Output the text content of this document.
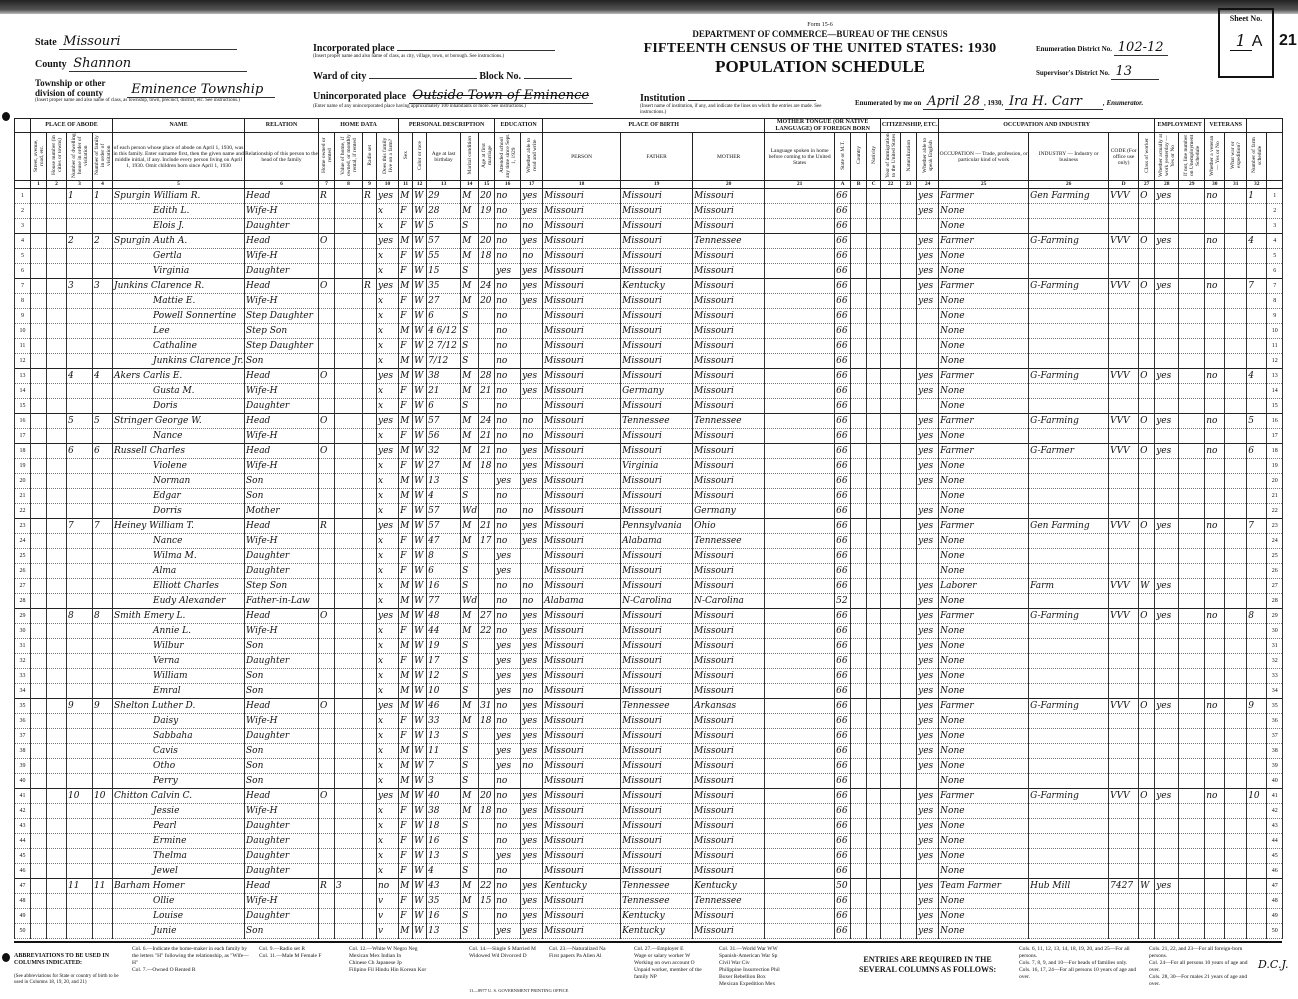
State Missouri
County Shannon
Township or other division of county Eminence Township
(Insert proper name and also name of class, as township, town, precinct, district, etc. See instructions.)
Incorporated place
(Insert proper name and also name of class, as city, village, town, or borough. See instructions.)
Ward of city	Block No.
Unincorporated place Outside Town of Eminence
(Enter name of any unincorporated place having approximately 100 inhabitants or more. See instructions.)
Institution
(Insert name of institution, if any, and indicate the lines on which the entries are made. See instructions.)
Form 15-6
DEPARTMENT OF COMMERCE—BUREAU OF THE CENSUS
FIFTEENTH CENSUS OF THE UNITED STATES: 1930
POPULATION SCHEDULE
Enumeration District No. 102-12
Supervisor's District No. 13
Sheet No.
1 A	21
Enumerated by me on April 28 , 1930, Ira H. Carr	, Enumerator.
	PLACE OF ABODE				NAME	RELATION	HOME DATA				PERSONAL DESCRIPTION					EDUCATION		PLACE OF BIRTH			MOTHER TONGUE (OR NATIVE LANGUAGE) OF FOREIGN BORN				CITIZENSHIP, ETC.			OCCUPATION AND INDUSTRY				EMPLOYMENT		VETERANS			
	Street, avenue, road, etc.	House number (in cities or towns)	Number of dwelling house in order of visitation	Number of family in order of visitation	of each person whose place of abode on April 1, 1930, was in this family. Enter surname first, then the given name and middle initial, if any. Include every person living on April 1, 1930. Omit children born since April 1, 1930	Relationship of this person to the head of the family	Home owned or rented	Value of home, if owned, or monthly rental, if rented	Radio set	Does this family live on a farm?	Sex	Color or race	Age at last birthday	Marital condition	Age at first marriage	Attended school any time since Sept. 1, 1929	Whether able to read and write	PERSON	FATHER	MOTHER	Language spoken in home before coming to the United States	State or M.T.	Country	Nativity	Year of immigration to the United States	Naturalization	Whether able to speak English	OCCUPATION — Trade, profession, or particular kind of work	INDUSTRY — Industry or business	CODE (For office use only)	Class of worker	Whether actually at work yesterday — Yes or No	If not, line number on Unemployment Schedule	Whether a veteran — Yes or No	What war or expedition?	Number of farm schedule	
	1	2	3	4	5	6	7	8	9	10	11	12	13	14	15	16	17	18	19	20	21	A	B	C	22	23	24	25	26	D	27	28	29	30	31	32	
1			1	1	Spurgin William R.	Head	R		R	yes	M	W	29	M	20	no	yes	Missouri	Missouri	Missouri		66					yes	Farmer	Gen Farming	VVV	O	yes		no		1	1
2					Edith L.	Wife-H				x	F	W	28	M	19	no	yes	Missouri	Missouri	Missouri		66					yes	None									2
3					Elois J.	Daughter				x	F	W	5	S		no	no	Missouri	Missouri	Missouri		66						None									3
4			2	2	Spurgin Auth A.	Head	O			yes	M	W	57	M	20	no	yes	Missouri	Missouri	Tennessee		66					yes	Farmer	G-Farming	VVV	O	yes		no		4	4
5					Gertla	Wife-H				x	F	W	55	M	18	no	no	Missouri	Missouri	Missouri		66					yes	None									5
6					Virginia	Daughter				x	F	W	15	S		yes	yes	Missouri	Missouri	Missouri		66					yes	None									6
7			3	3	Junkins Clarence R.	Head	O		R	yes	M	W	35	M	24	no	yes	Missouri	Kentucky	Missouri		66					yes	Farmer	G-Farming	VVV	O	yes		no		7	7
8					Mattie E.	Wife-H				x	F	W	27	M	20	no	yes	Missouri	Missouri	Missouri		66					yes	None									8
9					Powell Sonnertine	Step Daughter				x	F	W	6	S		no		Missouri	Missouri	Missouri		66						None									9
10					Lee	Step Son				x	M	W	4 6/12	S		no		Missouri	Missouri	Missouri		66						None									10
11					Cathaline	Step Daughter				x	F	W	2 7/12	S		no		Missouri	Missouri	Missouri		66						None									11
12					Junkins Clarence Jr.	Son				x	M	W	7/12	S		no		Missouri	Missouri	Missouri		66						None									12
13			4	4	Akers Carlis E.	Head	O			yes	M	W	38	M	28	no	yes	Missouri	Missouri	Missouri		66					yes	Farmer	G-Farming	VVV	O	yes		no		4	13
14					Gusta M.	Wife-H				x	F	W	21	M	21	no	yes	Missouri	Germany	Missouri		66					yes	None									14
15					Doris	Daughter				x	F	W	6	S		no		Missouri	Missouri	Missouri		66						None									15
16			5	5	Stringer George W.	Head	O			yes	M	W	57	M	24	no	no	Missouri	Tennessee	Tennessee		66					yes	Farmer	G-Farming	VVV	O	yes		no		5	16
17					Nance	Wife-H				x	F	W	56	M	21	no	no	Missouri	Missouri	Missouri		66					yes	None									17
18			6	6	Russell Charles	Head	O			yes	M	W	32	M	21	no	yes	Missouri	Missouri	Missouri		66					yes	Farmer	G-Farmer	VVV	O	yes		no		6	18
19					Violene	Wife-H				x	F	W	27	M	18	no	yes	Missouri	Virginia	Missouri		66					yes	None									19
20					Norman	Son				x	M	W	13	S		yes	yes	Missouri	Missouri	Missouri		66					yes	None									20
21					Edgar	Son				x	M	W	4	S		no		Missouri	Missouri	Missouri		66						None									21
22					Dorris	Mother				x	F	W	57	Wd		no	no	Missouri	Missouri	Germany		66					yes	None									22
23			7	7	Heiney William T.	Head	R			yes	M	W	57	M	21	no	yes	Missouri	Pennsylvania	Ohio		66					yes	Farmer	Gen Farming	VVV	O	yes		no		7	23
24					Nance	Wife-H				x	F	W	47	M	17	no	yes	Missouri	Alabama	Tennessee		66					yes	None									24
25					Wilma M.	Daughter				x	F	W	8	S		yes		Missouri	Missouri	Missouri		66						None									25
26					Alma	Daughter				x	F	W	6	S		yes		Missouri	Missouri	Missouri		66						None									26
27					Elliott Charles	Step Son				x	M	W	16	S		no	no	Missouri	Missouri	Missouri		66					yes	Laborer	Farm	VVV	W	yes					27
28					Eudy Alexander	Father-in-Law				x	M	W	77	Wd		no	no	Alabama	N-Carolina	N-Carolina		52					yes	None									28
29			8	8	Smith Emery L.	Head	O			yes	M	W	48	M	27	no	yes	Missouri	Missouri	Missouri		66					yes	Farmer	G-Farming	VVV	O	yes		no		8	29
30					Annie L.	Wife-H				x	F	W	44	M	22	no	yes	Missouri	Missouri	Missouri		66					yes	None									30
31					Wilbur	Son				x	M	W	19	S		yes	yes	Missouri	Missouri	Missouri		66					yes	None									31
32					Verna	Daughter				x	F	W	17	S		yes	yes	Missouri	Missouri	Missouri		66					yes	None									32
33					William	Son				x	M	W	12	S		yes	yes	Missouri	Missouri	Missouri		66					yes	None									33
34					Emral	Son				x	M	W	10	S		yes	no	Missouri	Missouri	Missouri		66					yes	None									34
35			9	9	Shelton Luther D.	Head	O			yes	M	W	46	M	31	no	yes	Missouri	Tennessee	Arkansas		66					yes	Farmer	G-Farming	VVV	O	yes		no		9	35
36					Daisy	Wife-H				x	F	W	33	M	18	no	yes	Missouri	Missouri	Missouri		66					yes	None									36
37					Sabbaha	Daughter				x	F	W	13	S		yes	yes	Missouri	Missouri	Missouri		66					yes	None									37
38					Cavis	Son				x	M	W	11	S		yes	yes	Missouri	Missouri	Missouri		66					yes	None									38
39					Otho	Son				x	M	W	7	S		yes	no	Missouri	Missouri	Missouri		66					yes	None									39
40					Perry	Son				x	M	W	3	S		no		Missouri	Missouri	Missouri		66						None									40
41			10	10	Chitton Calvin C.	Head	O			yes	M	W	40	M	20	no	yes	Missouri	Missouri	Missouri		66					yes	Farmer	G-Farming	VVV	O	yes		no		10	41
42					Jessie	Wife-H				x	F	W	38	M	18	no	yes	Missouri	Missouri	Missouri		66					yes	None									42
43					Pearl	Daughter				x	F	W	18	S		no	yes	Missouri	Missouri	Missouri		66					yes	None									43
44					Ermine	Daughter				x	F	W	16	S		no	yes	Missouri	Missouri	Missouri		66					yes	None									44
45					Thelma	Daughter				x	F	W	13	S		yes	yes	Missouri	Missouri	Missouri		66					yes	None									45
46					Jewel	Daughter				x	F	W	4	S		no		Missouri	Missouri	Missouri		66						None									46
47			11	11	Barham Homer	Head	R	3		no	M	W	43	M	22	no	yes	Kentucky	Tennessee	Kentucky		50					yes	Team Farmer	Hub Mill	7427	W	yes					47
48					Ollie	Wife-H				v	F	W	35	M	15	no	yes	Missouri	Tennessee	Tennessee		66					yes	None									48
49					Louise	Daughter				v	F	W	16	S		no	yes	Missouri	Kentucky	Missouri		66					yes	None									49
50					Junie	Son				v	M	W	13	S		yes	yes	Missouri	Kentucky	Missouri		66					yes	None									50

ABBREVIATIONS TO BE USED IN COLUMNS INDICATED:

(See abbreviations for State or country of birth to be used in Columns 18, 19, 20, and 21)

Col. 6.—Indicate the home-maker in each family by the letters "H" following the relationship, as "Wife—H"
Col. 7.—Owned O Rented R
Col. 9.—Radio set R
Col. 11.—Male M Female F
Col. 12.—White W Negro Neg
Mexican Mex Indian In
Chinese Ch Japanese Jp
Filipino Fil Hindu Hin Korean Kor
Col. 14.—Single S Married M
Widowed Wd Divorced D
Col. 23.—Naturalized Na
First papers Pa Alien Al
Col. 27.—Employer E
Wage or salary worker W
Working on own account O
Unpaid worker, member of the family NP
Col. 31.—World War WW
Spanish-American War Sp
Civil War Civ
Philippine Insurrection Phil
Boxer Rebellion Box
Mexican Expedition Mex
ENTRIES ARE REQUIRED IN THE
SEVERAL COLUMNS AS FOLLOWS:
Cols. 6, 11, 12, 13, 14, 18, 19, 20, and 25—For all persons.
Cols. 7, 8, 9, and 10—For heads of families only.
Cols. 16, 17, 24—For all persons 10 years of age and over.
Cols. 21, 22, and 23—For all foreign-born persons.
Col. 24—For all persons 10 years of age and over.
Cols. 28, 30—For males 21 years of age and over.
11—8977 U. S. GOVERNMENT PRINTING OFFICE
D.C.J.
